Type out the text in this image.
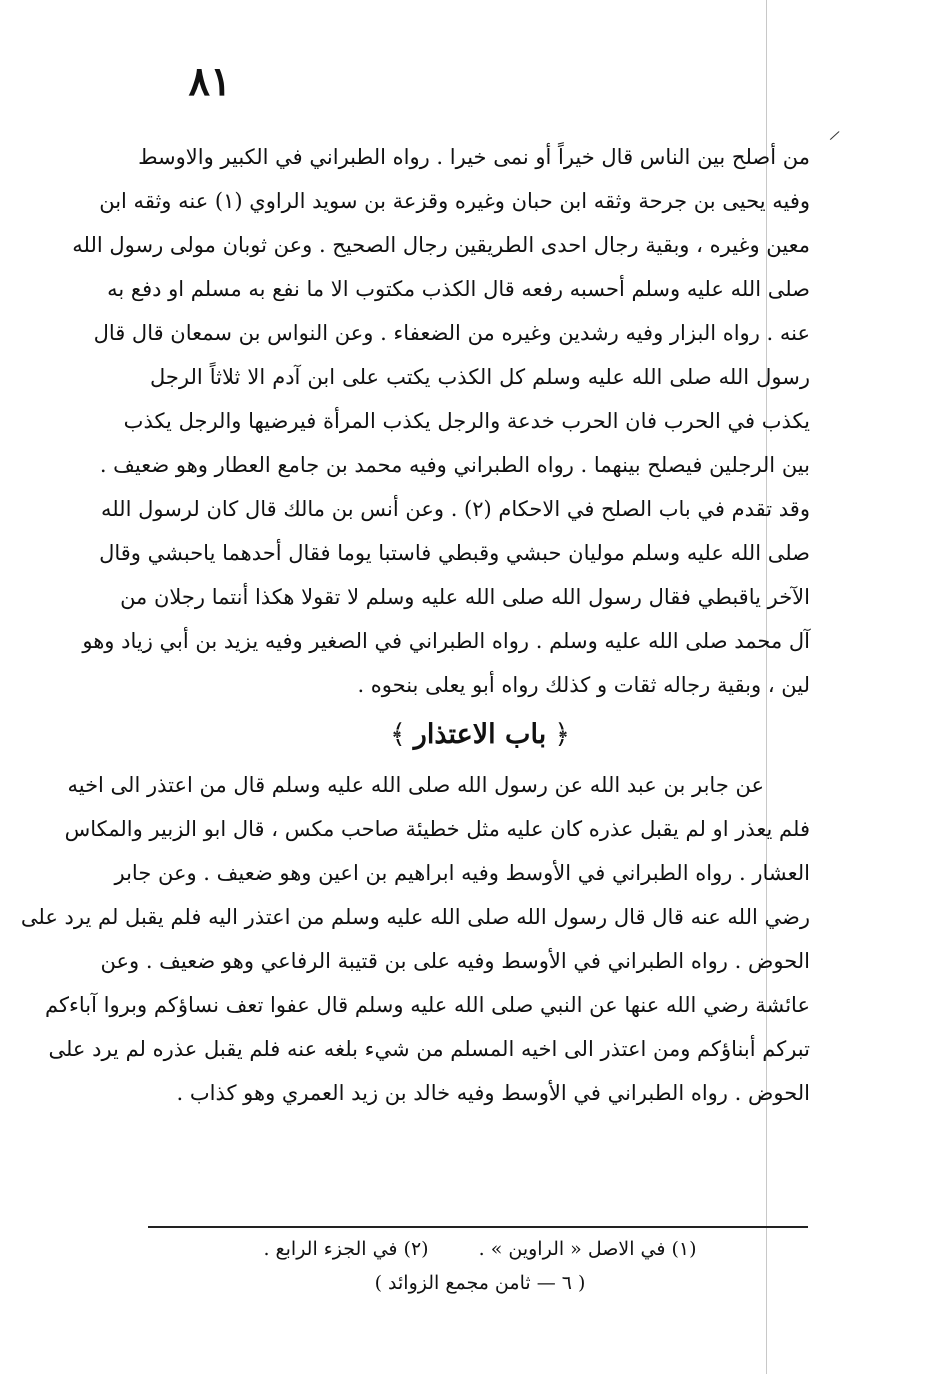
/
٨١
من أصلح بين الناس قال خيراً أو نمى خيرا . رواه الطبراني في الكبير والاوسط
وفيه يحيى بن جرحة وثقه ابن حبان وغيره وقزعة بن سويد الراوي (١) عنه وثقه ابن
معين وغيره ، وبقية رجال احدى الطريقين رجال الصحيح . وعن ثوبان مولى رسول الله
صلى الله عليه وسلم أحسبه رفعه قال الكذب مكتوب الا ما نفع به مسلم او دفع به
عنه . رواه البزار وفيه رشدين وغيره من الضعفاء . وعن النواس بن سمعان قال قال
رسول الله صلى الله عليه وسلم كل الكذب يكتب على ابن آدم الا ثلاثاً الرجل
يكذب في الحرب فان الحرب خدعة والرجل يكذب المرأة فيرضيها والرجل يكذب
بين الرجلين فيصلح بينهما . رواه الطبراني وفيه محمد بن جامع العطار وهو ضعيف .
وقد تقدم في باب الصلح في الاحكام (٢) . وعن أنس بن مالك قال كان لرسول الله
صلى الله عليه وسلم موليان حبشي وقبطي فاستبا يوما فقال أحدهما ياحبشي وقال
الآخر ياقبطي فقال رسول الله صلى الله عليه وسلم لا تقولا هكذا أنتما رجلان من
آل محمد صلى الله عليه وسلم . رواه الطبراني في الصغير وفيه يزيد بن أبي زياد وهو
لين ، وبقية رجاله ثقات و كذلك رواه أبو يعلى بنحوه .
﴿باب الاعتذار﴾
عن جابر بن عبد الله عن رسول الله صلى الله عليه وسلم قال من اعتذر الى اخيه
فلم يعذر او لم يقبل عذره كان عليه مثل خطيئة صاحب مكس ، قال ابو الزبير والمكاس
العشار . رواه الطبراني في الأوسط وفيه ابراهيم بن اعين وهو ضعيف . وعن جابر
رضي الله عنه قال قال رسول الله صلى الله عليه وسلم من اعتذر اليه فلم يقبل لم يرد على
الحوض . رواه الطبراني في الأوسط وفيه على بن قتيبة الرفاعي وهو ضعيف . وعن
عائشة رضي الله عنها عن النبي صلى الله عليه وسلم قال عفوا تعف نساؤكم وبروا آباءكم
تبركم أبناؤكم ومن اعتذر الى اخيه المسلم من شيء بلغه عنه فلم يقبل عذره لم يرد على
الحوض . رواه الطبراني في الأوسط وفيه خالد بن زيد العمري وهو كذاب .
(١) في الاصل « الراوين » . (٢) في الجزء الرابع .
( ٦ — ثامن مجمع الزوائد )
